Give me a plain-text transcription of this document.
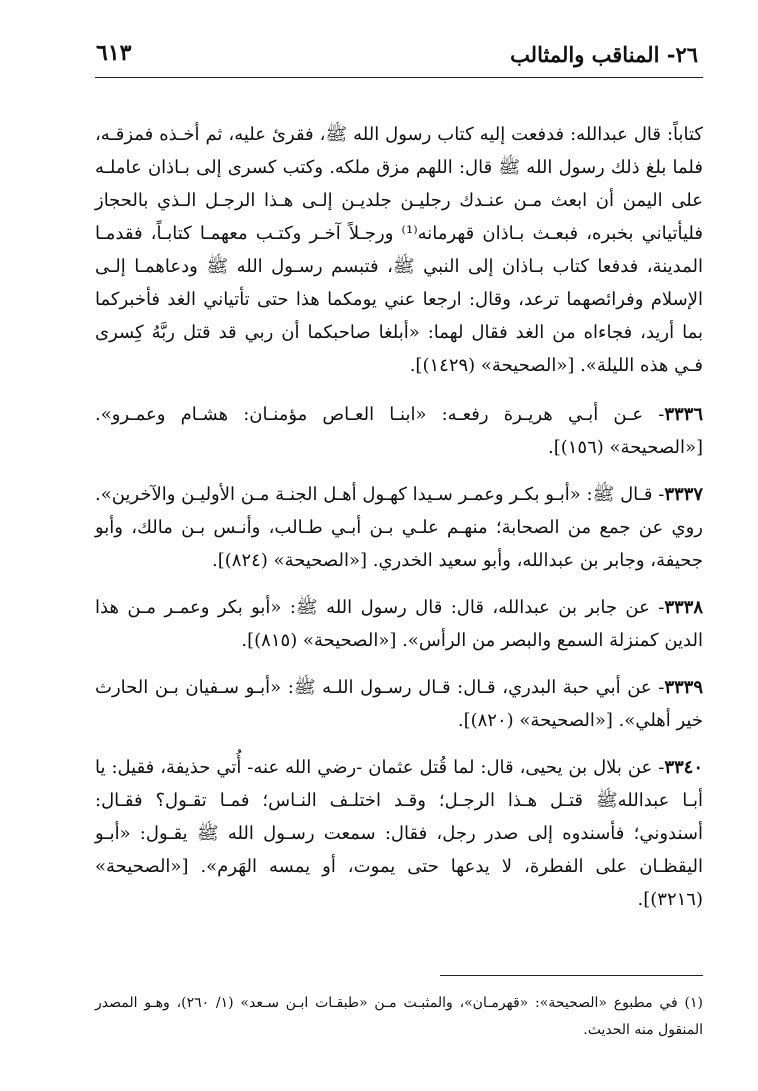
٢٦- المناقب والمثالب
٦١٣

كتاباً: قال عبدالله: فدفعت إليه كتاب رسول الله ﷺ، فقرئ عليه، ثم أخـذه فمزقـه، فلما بلغ ذلك رسول الله ﷺ قال: اللهم مزق ملكه. وكتب كسرى إلى بـاذان عاملـه على اليمن أن ابعث مـن عنـدك رجليـن جلديـن إلـى هـذا الرجـل الـذي بالحجاز فليأتياني بخبره، فبعـث بـاذان قهرمانه⁽¹⁾ ورجـلاً آخـر وكتـب معهمـا كتابـاً، فقدمـا المدينة، فدفعا كتاب بـاذان إلى النبي ﷺ، فتبسم رسـول الله ﷺ ودعاهمـا إلـى الإسلام وفرائصهما ترعد، وقال: ارجعا عني يومكما هذا حتى تأتياني الغد فأخبركما بما أريد، فجاءاه من الغد فقال لهما: «أبلغا صاحبكما أن ربي قد قتل ربَّهُ كِسرى فـي هذه الليلة». [«الصحيحة» (١٤٢٩)].

٣٣٣٦- عـن أبـي هريـرة رفعـه: «ابنـا العـاص مؤمنـان: هشـام وعمـرو». [«الصحيحة» (١٥٦)].

٣٣٣٧- قـال ﷺ: «أبـو بكـر وعمـر سـيدا كهـول أهـل الجنـة مـن الأوليـن والآخرين». روي عن جمع من الصحابة؛ منهـم علـي بـن أبـي طـالب، وأنـس بـن مالك، وأبو جحيفة، وجابر بن عبدالله، وأبو سعيد الخدري. [«الصحيحة» (٨٢٤)].

٣٣٣٨- عن جابر بن عبدالله، قال: قال رسول الله ﷺ: «أبو بكر وعمـر مـن هذا الدين كمنزلة السمع والبصر من الرأس». [«الصحيحة» (٨١٥)].

٣٣٣٩- عن أبي حبة البدري، قـال: قـال رسـول اللـه ﷺ: «أبـو سـفيان بـن الحارث خير أهلي». [«الصحيحة» (٨٢٠)].

٣٣٤٠- عن بلال بن يحيى، قال: لما قُتل عثمان -رضي الله عنه- أُتي حذيفة، فقيل: يا أبـا عبداللهﷺ قتـل هـذا الرجـل؛ وقـد اختلـف النـاس؛ فمـا تقـول؟ فقـال: أسندوني؛ فأسندوه إلى صدر رجل، فقال: سمعت رسـول الله ﷺ يقـول: «أبـو اليقظـان على الفطرة، لا يدعها حتى يموت، أو يمسه الهَرم». [«الصحيحة» (٣٢١٦)].

(١) في مطبوع «الصحيحة»: «قهرمـان»، والمثبـت مـن «طبقـات ابـن سـعد» (١/ ٢٦٠)، وهـو المصدر المنقول منه الحديث.
